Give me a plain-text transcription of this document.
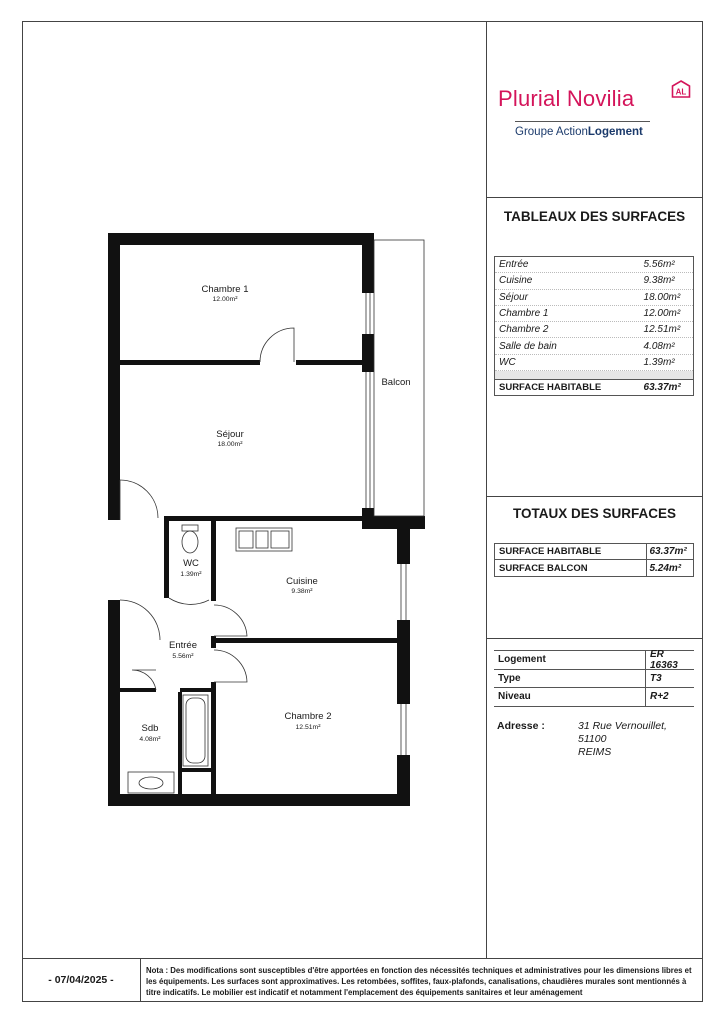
Plurial Novilia	AL
Groupe ActionLogement
TABLEAUX DES SURFACES
Entrée	5.56m²
Cuisine	9.38m²
Séjour	18.00m²
Chambre 1	12.00m²
Chambre 2	12.51m²
Salle de bain	4.08m²
WC	1.39m²
SURFACE HABITABLE	63.37m²
TOTAUX DES SURFACES
SURFACE HABITABLE	63.37m²
SURFACE BALCON	5.24m²
Logement	ER 16363
Type	T3
Niveau	R+2
Adresse :	31 Rue Vernouillet, 51100
REIMS
- 07/04/2025 -
Nota : Des modifications sont susceptibles d'être apportées en fonction des nécessités techniques et administratives pour les dimensions libres et les équipements. Les surfaces sont approximatives. Les retombées, soffites, faux-plafonds, canalisations, chaudières murales sont mentionnés à titre indicatifs. Le mobilier est indicatif et notamment l'emplacement des équipements sanitaires et leur aménagement
Chambre 1
12.00m²
Séjour
18.00m²
Balcon
WC
1.39m²
Cuisine
9.38m²
Entrée
5.56m²
Sdb
4.08m²
Chambre 2
12.51m²
